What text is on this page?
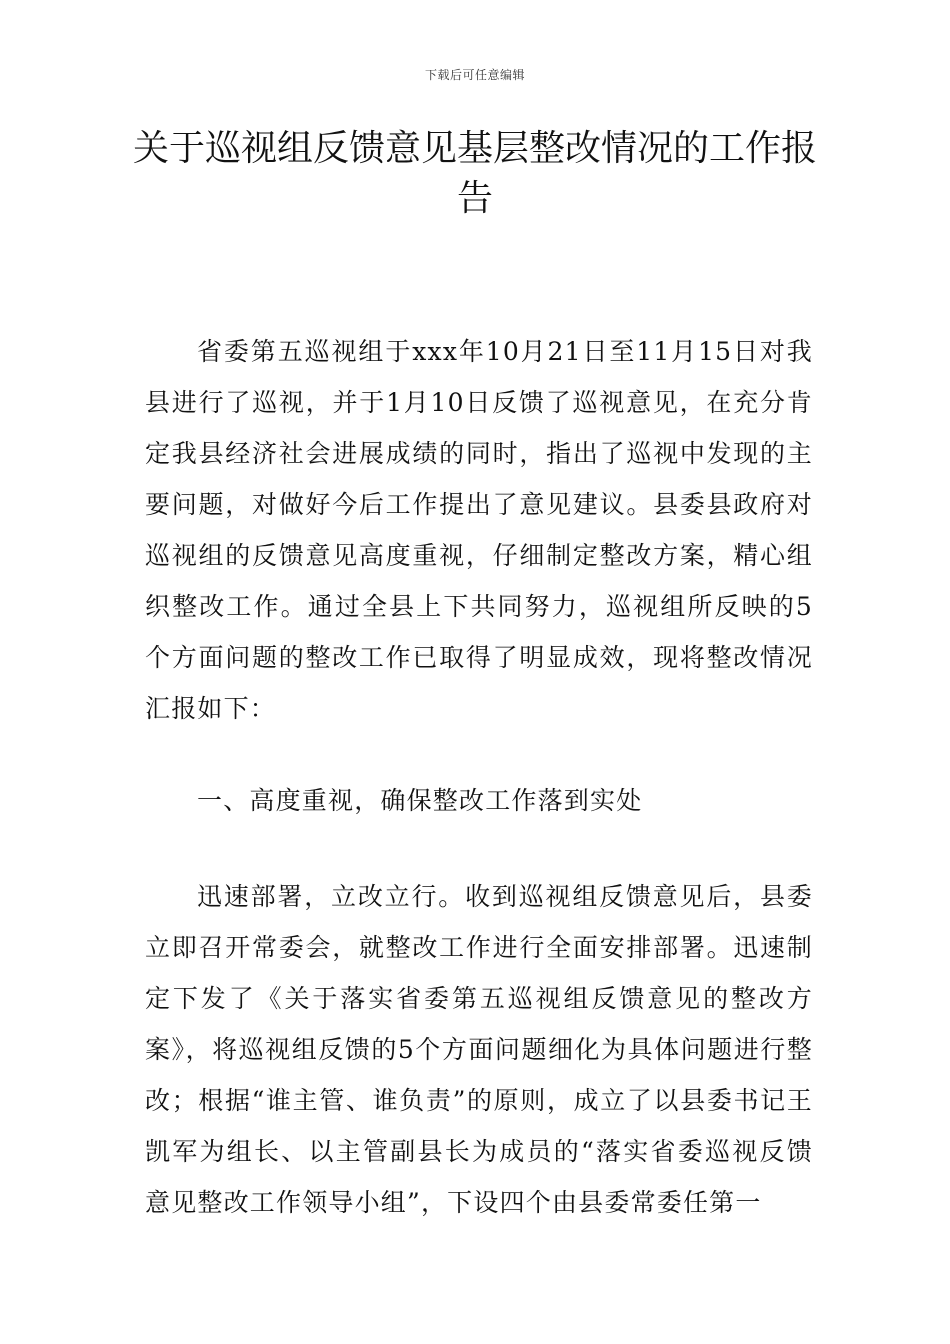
下载后可任意编辑
关于巡视组反馈意见基层整改情况的工作报告

省委第五巡视组于xxx年10月21日至11月15日对我县进行了巡视，并于1月10日反馈了巡视意见，在充分肯定我县经济社会进展成绩的同时，指出了巡视中发现的主要问题，对做好今后工作提出了意见建议。县委县政府对巡视组的反馈意见高度重视，仔细制定整改方案，精心组织整改工作。通过全县上下共同努力，巡视组所反映的5个方面问题的整改工作已取得了明显成效，现将整改情况汇报如下：

一、高度重视，确保整改工作落到实处

迅速部署，立改立行。收到巡视组反馈意见后，县委立即召开常委会，就整改工作进行全面安排部署。迅速制定下发了《关于落实省委第五巡视组反馈意见的整改方案》，将巡视组反馈的5个方面问题细化为具体问题进行整改；根据“谁主管、谁负责”的原则，成立了以县委书记王凯军为组长、以主管副县长为成员的“落实省委巡视反馈意见整改工作领导小组”，下设四个由县委常委任第一
